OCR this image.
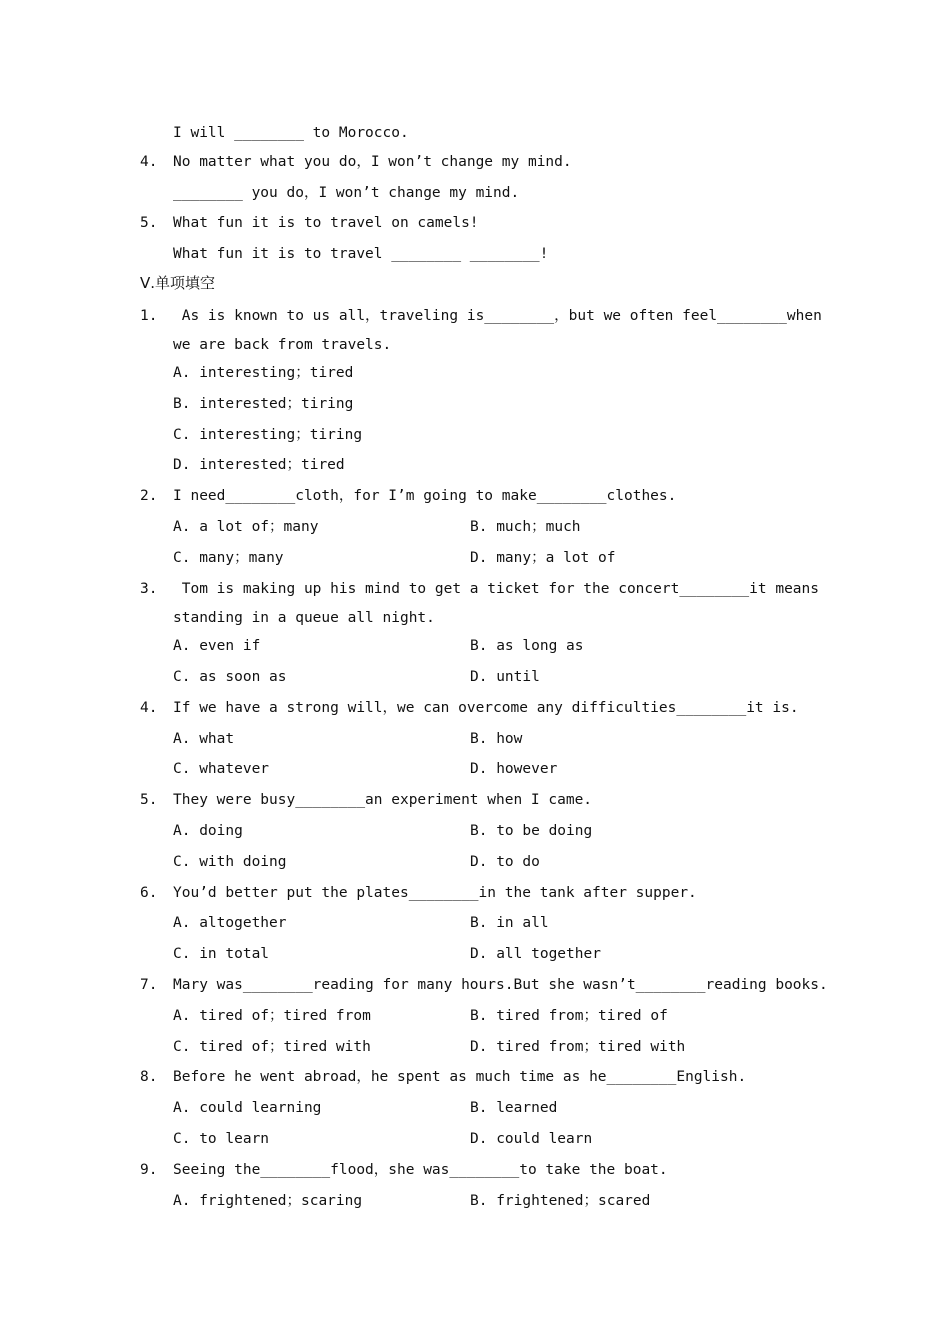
I will ________ to Morocco.
4. No matter what you do，I won’t change my mind.
________ you do，I won’t change my mind.
5. What fun it is to travel on camels!
What fun it is to travel ________ ________!
Ⅴ.单项填空
1. As is known to us all，traveling is________，but we often feel________when
we are back from travels.
A. interesting；tired
B. interested；tiring
C. interesting；tiring
D. interested；tired
2. I need________cloth，for I’m going to make________clothes.
A. a lot of；many	B. much；much
C. many；many	D. many；a lot of
3. Tom is making up his mind to get a ticket for the concert________it means
standing in a queue all night.
A. even if	B. as long as
C. as soon as	D. until
4. If we have a strong will，we can overcome any difficulties________it is.
A. what	B. how
C. whatever	D. however
5. They were busy________an experiment when I came.
A. doing	B. to be doing
C. with doing	D. to do
6. You’d better put the plates________in the tank after supper.
A. altogether	B. in all
C. in total	D. all together
7. Mary was________reading for many hours.But she wasn’t________reading books.
A. tired of；tired from	B. tired from；tired of
C. tired of；tired with	D. tired from；tired with
8. Before he went abroad，he spent as much time as he________English.
A. could learning	B. learned
C. to learn	D. could learn
9. Seeing the________flood，she was________to take the boat.
A. frightened；scaring	B. frightened；scared
